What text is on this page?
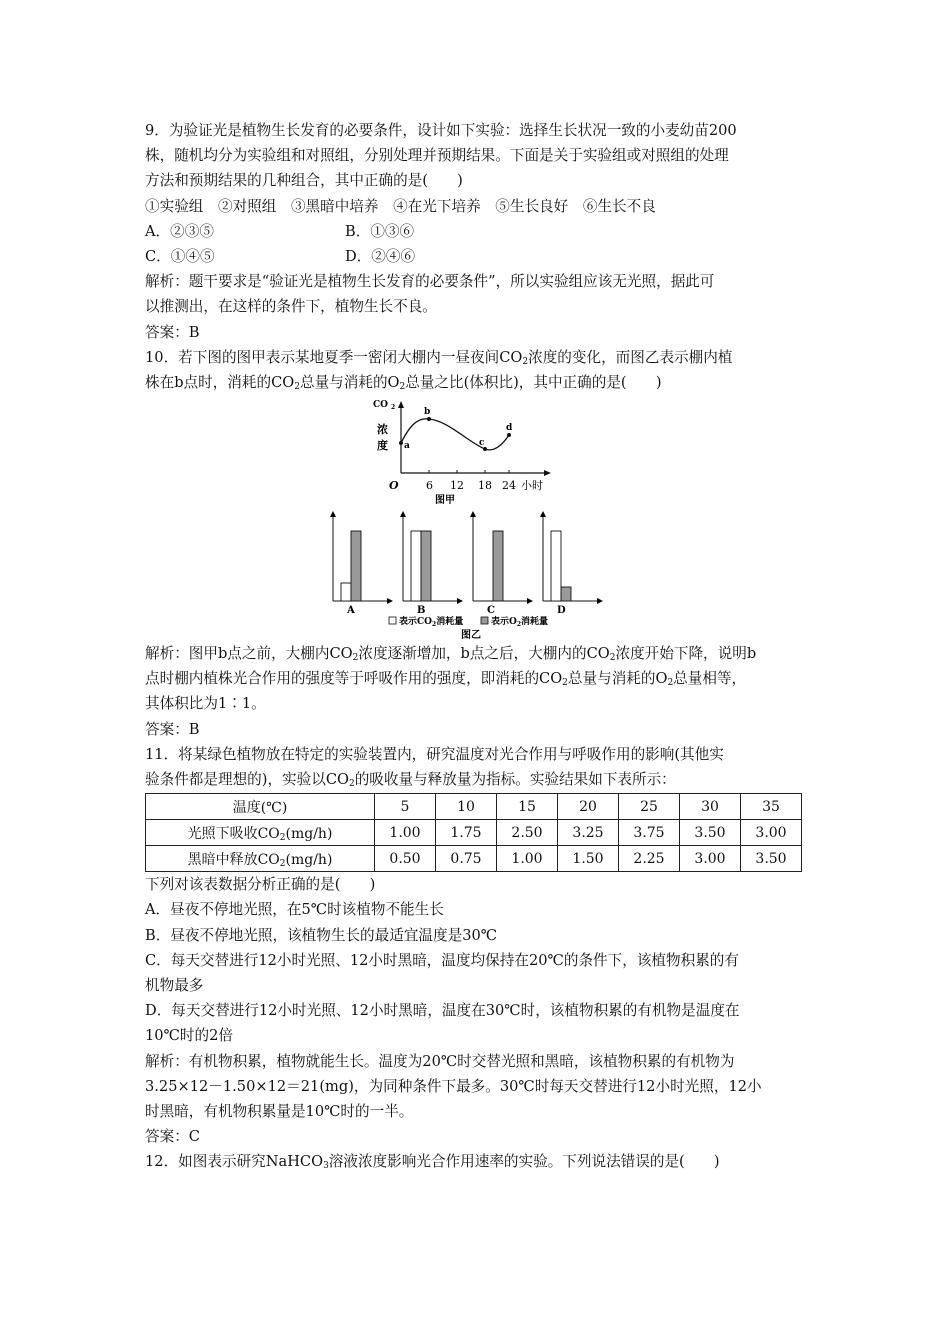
9．为验证光是植物生长发育的必要条件，设计如下实验：选择生长状况一致的小麦幼苗200
株，随机均分为实验组和对照组，分别处理并预期结果。下面是关于实验组或对照组的处理
方法和预期结果的几种组合，其中正确的是(　　)
①实验组　②对照组　③黑暗中培养　④在光下培养　⑤生长良好　⑥生长不良
A．②③⑤	B．①③⑥
C．①④⑤	D．②④⑥
解析：题干要求是“验证光是植物生长发育的必要条件”，所以实验组应该无光照，据此可
以推测出，在这样的条件下，植物生长不良。
答案：B
10．若下图的图甲表示某地夏季一密闭大棚内一昼夜间$CO_2$浓度的变化，而图乙表示棚内植
株在b点时，消耗的$CO_2$总量与消耗的$O_2$总量之比(体积比)，其中正确的是(　　)
CO 2
浓
度
O 6 12 18 24 小时
a
b
c
d
图甲
A	B	C	D
表示$CO_2$消耗量	表示$O_2$消耗量
图乙
解析：图甲b点之前，大棚内$CO_2$浓度逐渐增加，b点之后，大棚内的$CO_2$浓度开始下降，说明b
点时棚内植株光合作用的强度等于呼吸作用的强度，即消耗的$CO_2$总量与消耗的$O_2$总量相等，
其体积比为1∶1。
答案：B
11．将某绿色植物放在特定的实验装置内，研究温度对光合作用与呼吸作用的影响(其他实
验条件都是理想的)，实验以$CO_2$的吸收量与释放量为指标。实验结果如下表所示：
温度(℃)	5	10	15	20	25	30	35
光照下吸收$CO_2(mg/h)$	1.00	1.75	2.50	3.25	3.75	3.50	3.00
黑暗中释放$CO_2(mg/h)$	0.50	0.75	1.00	1.50	2.25	3.00	3.50
下列对该表数据分析正确的是(　　)
A．昼夜不停地光照，在5℃时该植物不能生长
B．昼夜不停地光照，该植物生长的最适宜温度是30℃
C．每天交替进行12小时光照、12小时黑暗，温度均保持在20℃的条件下，该植物积累的有
机物最多
D．每天交替进行12小时光照、12小时黑暗，温度在30℃时，该植物积累的有机物是温度在
10℃时的2倍
解析：有机物积累，植物就能生长。温度为20℃时交替光照和黑暗，该植物积累的有机物为
3.25×12－1.50×12＝21(mg)，为同种条件下最多。30℃时每天交替进行12小时光照，12小
时黑暗，有机物积累量是10℃时的一半。
答案：C
12．如图表示研究NaHCO$_3$溶液浓度影响光合作用速率的实验。下列说法错误的是(　　)
